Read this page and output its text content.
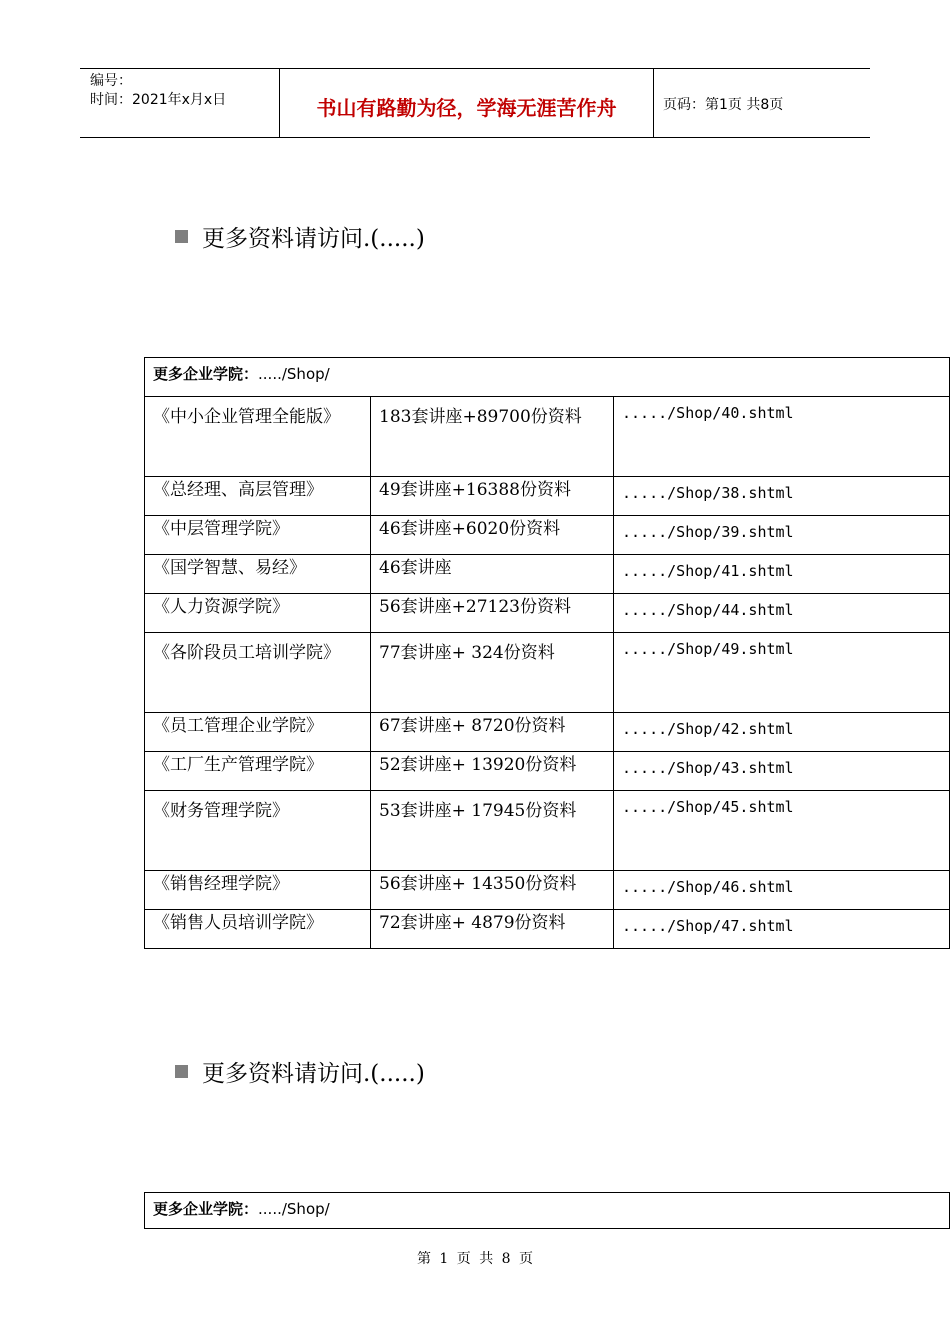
编号：
时间：2021年x月x日	书山有路勤为径，学海无涯苦作舟	页码：第1页 共8页
更多资料请访问.(.....)
更多企业学院：...../Shop/		
《中小企业管理全能版》	183套讲座+89700份资料	...../Shop/40.shtml
《总经理、高层管理》	49套讲座+16388份资料	...../Shop/38.shtml
《中层管理学院》	46套讲座+6020份资料	...../Shop/39.shtml
《国学智慧、易经》	46套讲座	...../Shop/41.shtml
《人力资源学院》	56套讲座+27123份资料	...../Shop/44.shtml
《各阶段员工培训学院》	77套讲座+ 324份资料	...../Shop/49.shtml
《员工管理企业学院》	67套讲座+ 8720份资料	...../Shop/42.shtml
《工厂生产管理学院》	52套讲座+ 13920份资料	...../Shop/43.shtml
《财务管理学院》	53套讲座+ 17945份资料	...../Shop/45.shtml
《销售经理学院》	56套讲座+ 14350份资料	...../Shop/46.shtml
《销售人员培训学院》	72套讲座+ 4879份资料	...../Shop/47.shtml
更多资料请访问.(.....)
更多企业学院：...../Shop/
第 1 页 共 8 页
